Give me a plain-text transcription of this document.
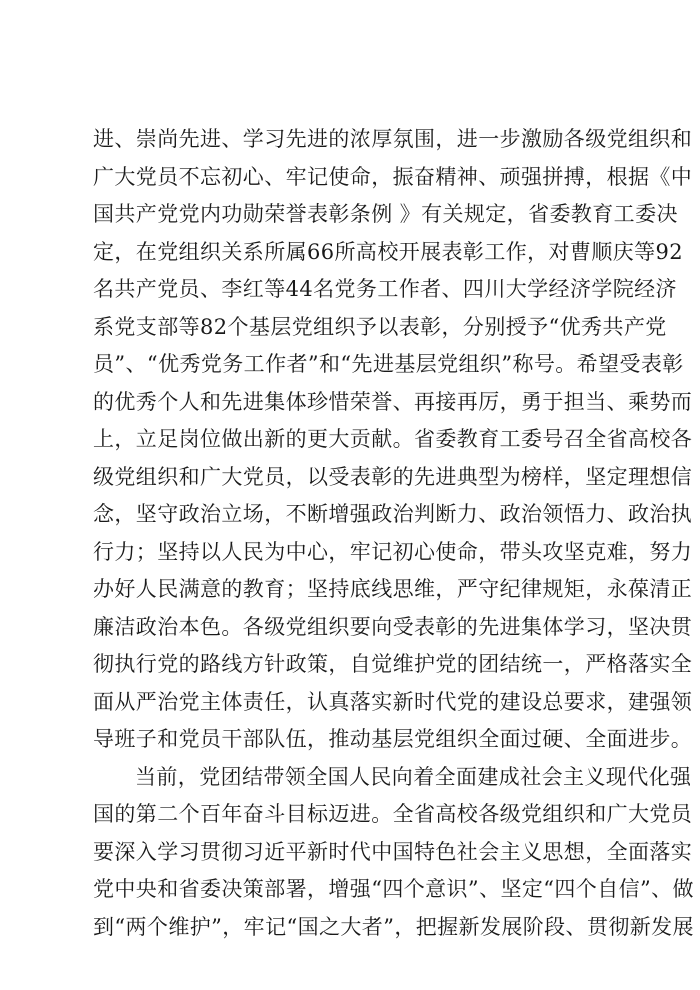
进、崇尚先进、学习先进的浓厚氛围，进一步激励各级党组织和
广大党员不忘初心、牢记使命，振奋精神、顽强拼搏，根据《中
国共产党党内功勋荣誉表彰条例 》有关规定，省委教育工委决
定，在党组织关系所属66所高校开展表彰工作，对曹顺庆等92
名共产党员、李红等44名党务工作者、四川大学经济学院经济
系党支部等82个基层党组织予以表彰，分别授予“优秀共产党
员”、“优秀党务工作者”和“先进基层党组织”称号。希望受表彰
的优秀个人和先进集体珍惜荣誉、再接再厉，勇于担当、乘势而
上，立足岗位做出新的更大贡献。省委教育工委号召全省高校各
级党组织和广大党员，以受表彰的先进典型为榜样，坚定理想信
念，坚守政治立场，不断增强政治判断力、政治领悟力、政治执
行力；坚持以人民为中心，牢记初心使命，带头攻坚克难，努力
办好人民满意的教育；坚持底线思维，严守纪律规矩，永葆清正
廉洁政治本色。各级党组织要向受表彰的先进集体学习，坚决贯
彻执行党的路线方针政策，自觉维护党的团结统一，严格落实全
面从严治党主体责任，认真落实新时代党的建设总要求，建强领
导班子和党员干部队伍，推动基层党组织全面过硬、全面进步。
当前，党团结带领全国人民向着全面建成社会主义现代化强
国的第二个百年奋斗目标迈进。全省高校各级党组织和广大党员
要深入学习贯彻习近平新时代中国特色社会主义思想，全面落实
党中央和省委决策部署，增强“四个意识”、坚定“四个自信”、做
到“两个维护”，牢记“国之大者”，把握新发展阶段、贯彻新发展
